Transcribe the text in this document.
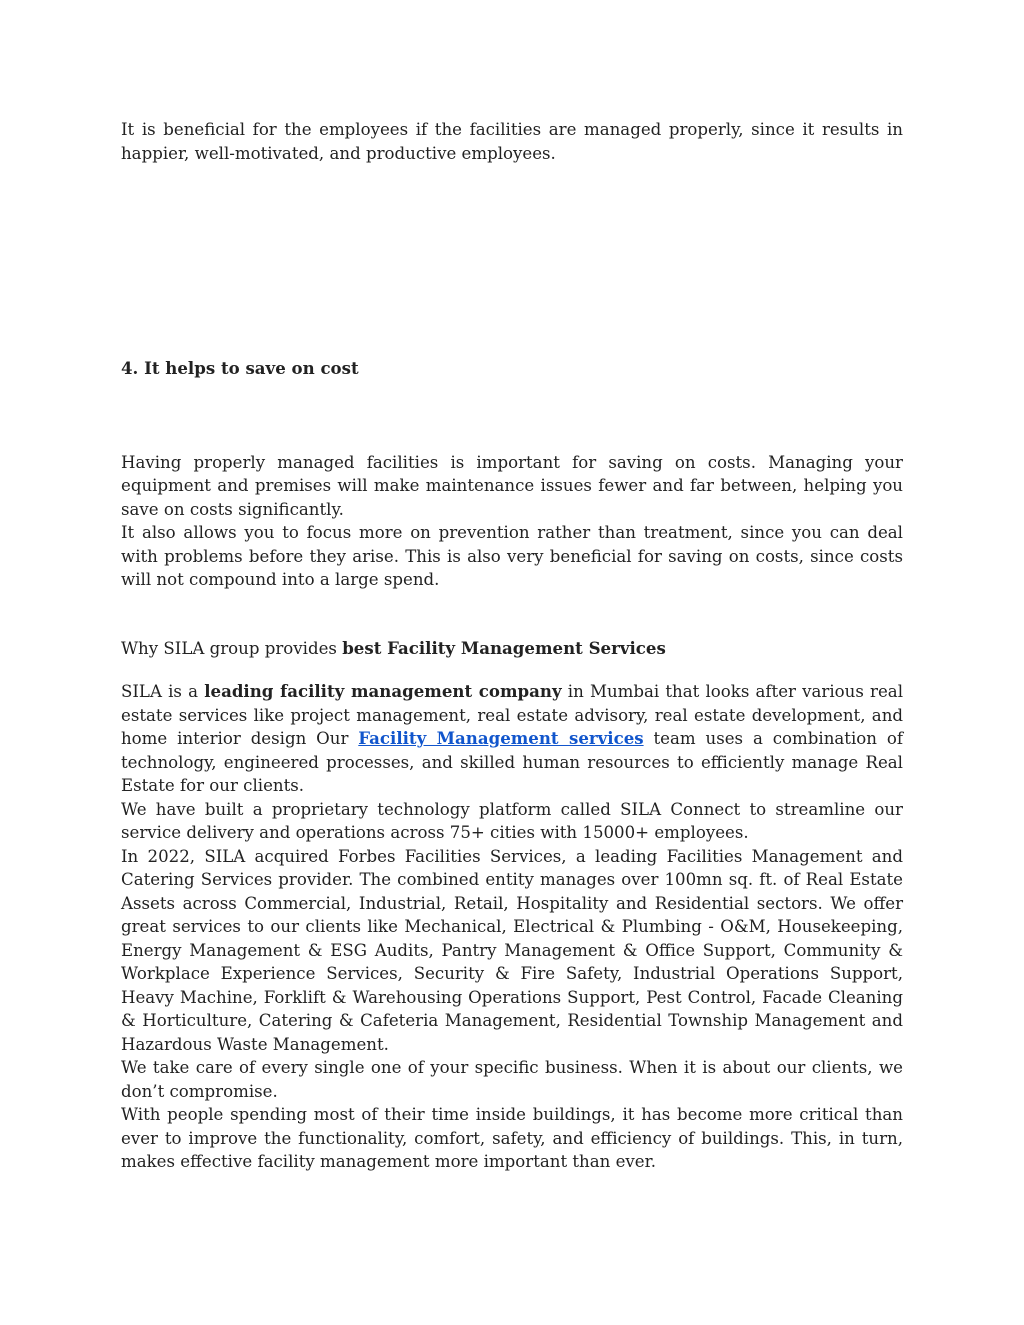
It is beneficial for the employees if the facilities are managed properly, since it results in happier, well-motivated, and productive employees.

4. It helps to save on cost

Having properly managed facilities is important for saving on costs. Managing your equipment and premises will make maintenance issues fewer and far between, helping you save on costs significantly.

It also allows you to focus more on prevention rather than treatment, since you can deal with problems before they arise. This is also very beneficial for saving on costs, since costs will not compound into a large spend.

Why SILA group provides best Facility Management Services

SILA is a leading facility management company in Mumbai that looks after various real estate services like project management, real estate advisory, real estate development, and home interior design Our Facility Management services team uses a combination of technology, engineered processes, and skilled human resources to efficiently manage Real Estate for our clients.

We have built a proprietary technology platform called SILA Connect to streamline our service delivery and operations across 75+ cities with 15000+ employees.

In 2022, SILA acquired Forbes Facilities Services, a leading Facilities Management and Catering Services provider. The combined entity manages over 100mn sq. ft. of Real Estate Assets across Commercial, Industrial, Retail, Hospitality and Residential sectors. We offer great services to our clients like Mechanical, Electrical & Plumbing - O&M, Housekeeping, Energy Management & ESG Audits, Pantry Management & Office Support, Community & Workplace Experience Services, Security & Fire Safety, Industrial Operations Support, Heavy Machine, Forklift & Warehousing Operations Support, Pest Control, Facade Cleaning & Horticulture, Catering & Cafeteria Management, Residential Township Management and Hazardous Waste Management.

We take care of every single one of your specific business. When it is about our clients, we don’t compromise.

With people spending most of their time inside buildings, it has become more critical than ever to improve the functionality, comfort, safety, and efficiency of buildings. This, in turn, makes effective facility management more important than ever.
